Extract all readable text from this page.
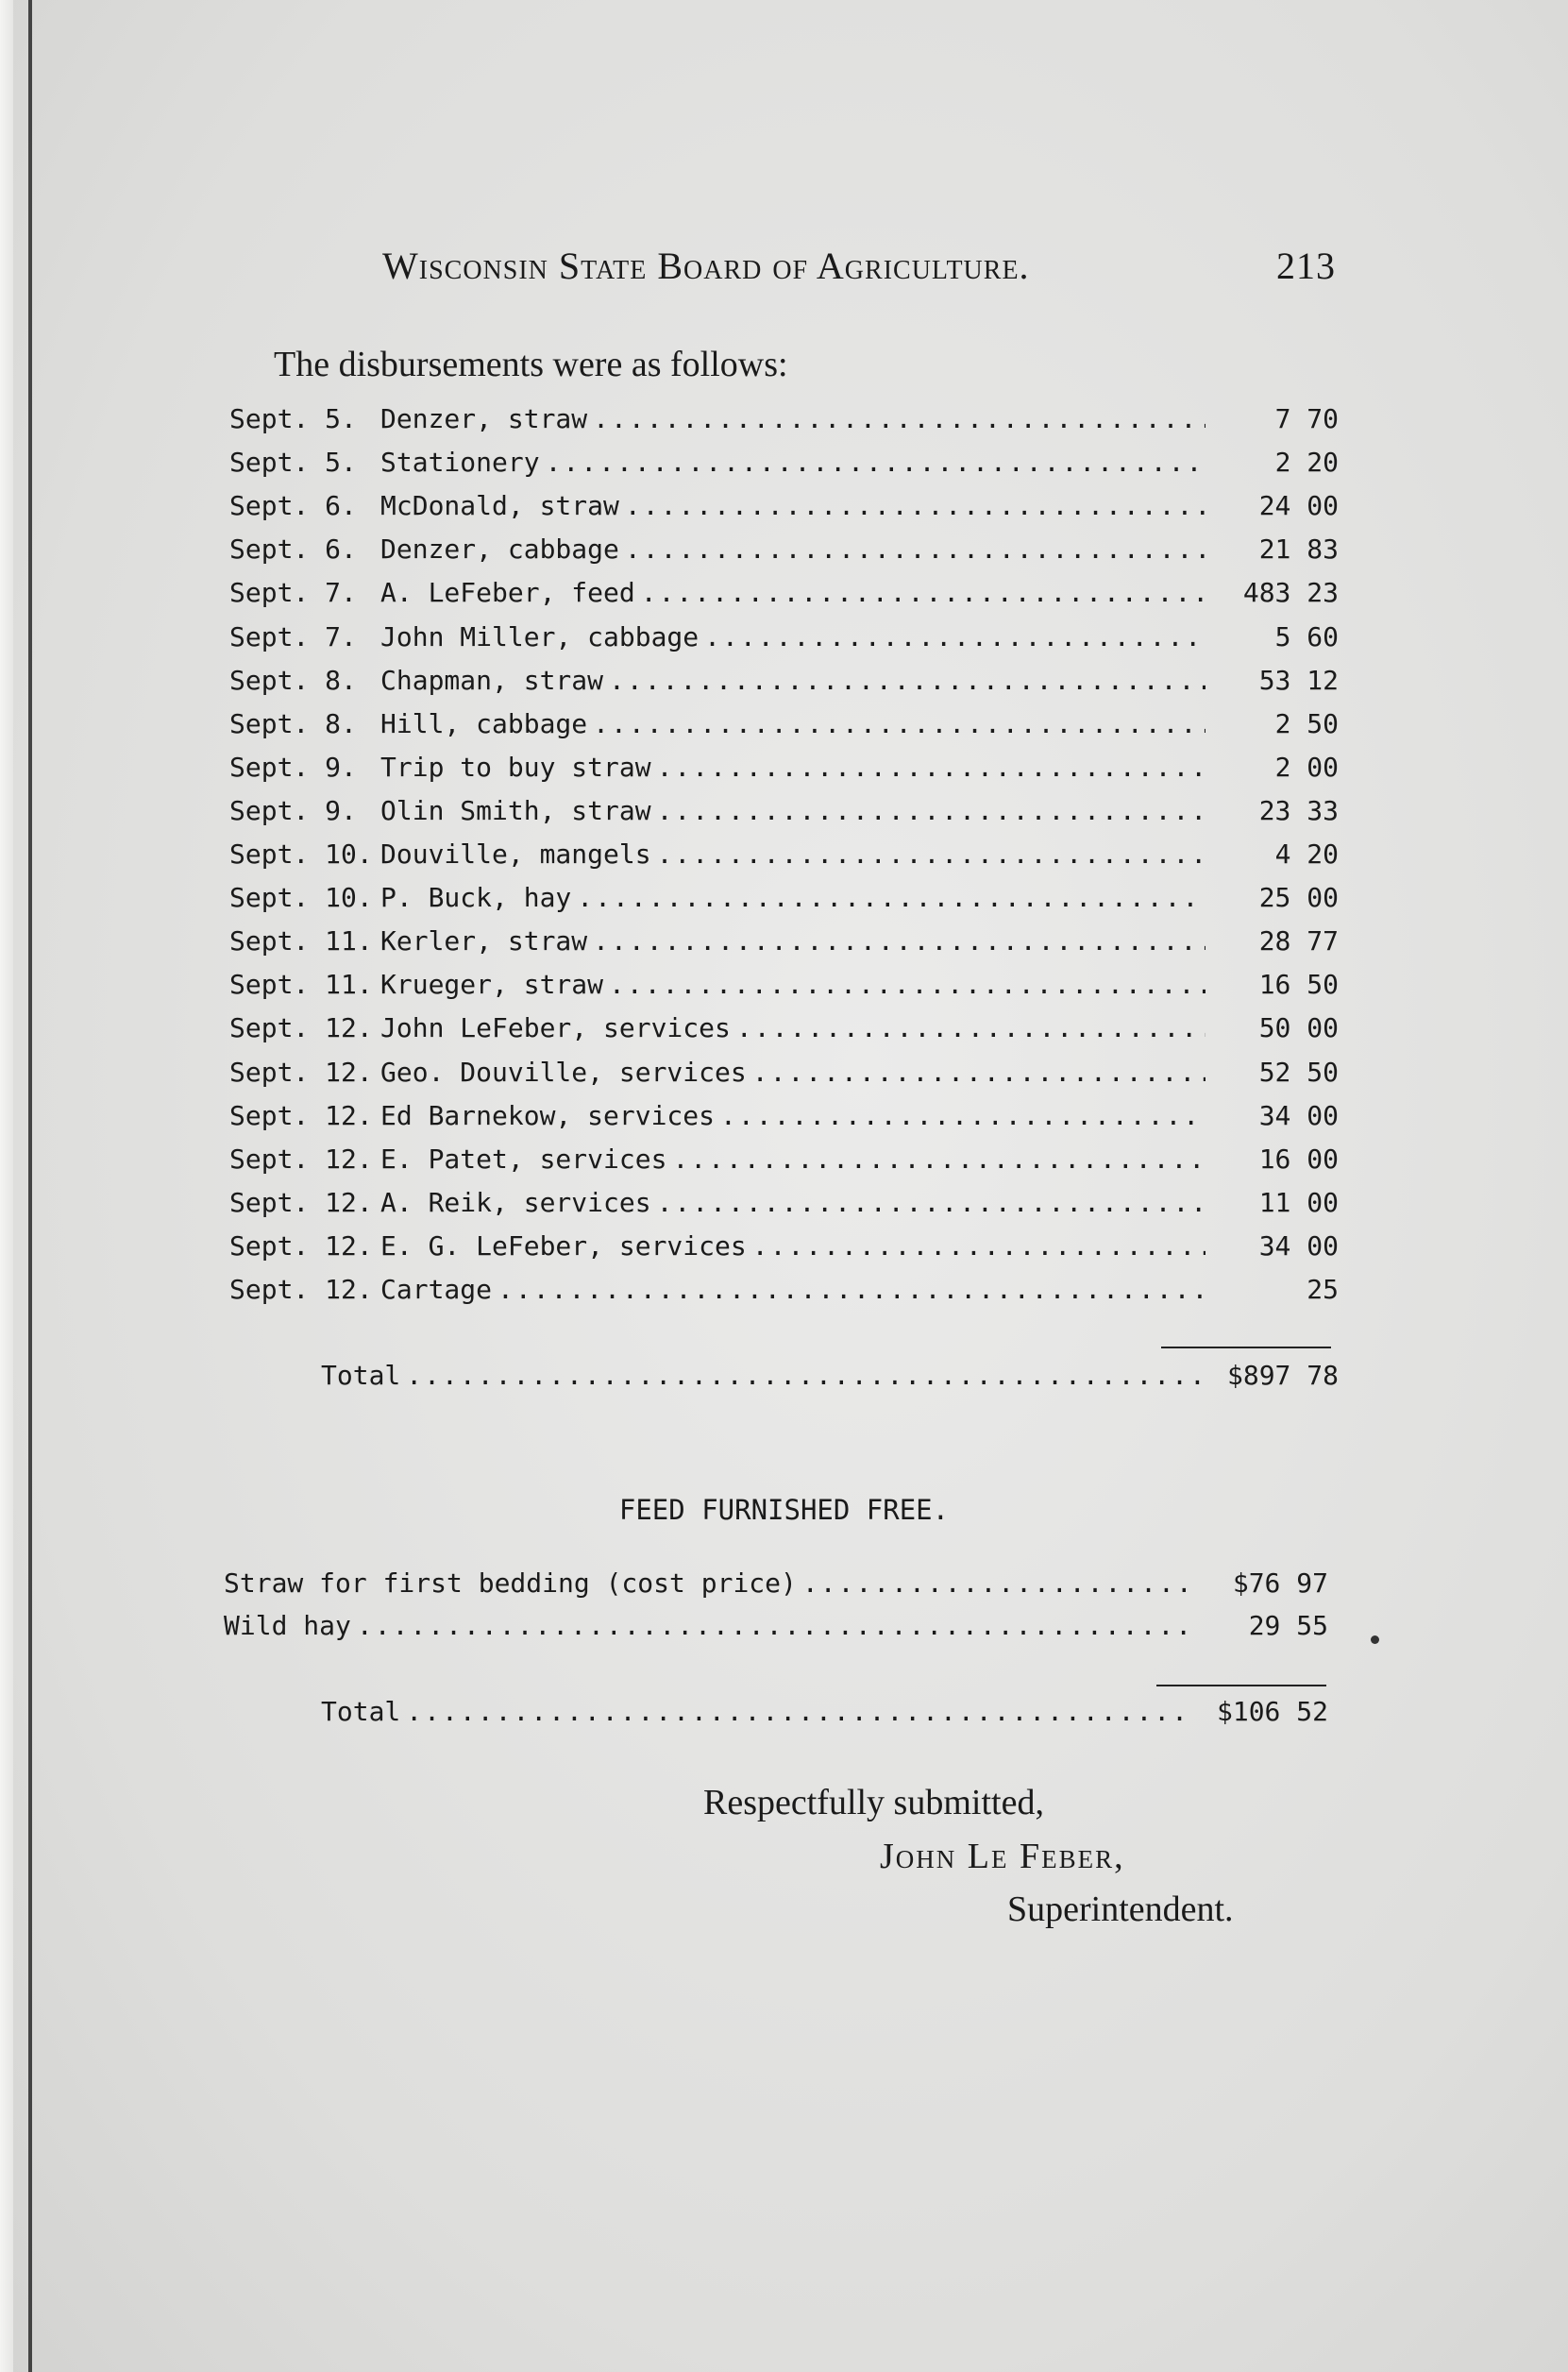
Wisconsin State Board of Agriculture.	213
The disbursements were as follows:
Sept. 5. Denzer, straw .....	7 70
Sept. 5. Stationery .....	2 20
Sept. 6. McDonald, straw .....	24 00
Sept. 6. Denzer, cabbage .....	21 83
Sept. 7. A. LeFeber, feed .....	483 23
Sept. 7. John Miller, cabbage .....	5 60
Sept. 8. Chapman, straw .....	53 12
Sept. 8. Hill, cabbage .....	2 50
Sept. 9. Trip to buy straw .....	2 00
Sept. 9. Olin Smith, straw .....	23 33
Sept. 10. Douville, mangels .....	4 20
Sept. 10. P. Buck, hay .....	25 00
Sept. 11. Kerler, straw .....	28 77
Sept. 11. Krueger, straw .....	16 50
Sept. 12. John LeFeber, services .....	50 00
Sept. 12. Geo. Douville, services .....	52 50
Sept. 12. Ed Barnekow, services .....	34 00
Sept. 12. E. Patet, services .....	16 00
Sept. 12. A. Reik, services .....	11 00
Sept. 12. E. G. LeFeber, services .....	34 00
Sept. 12. Cartage .....	25
Total .....	$897 78
FEED FURNISHED FREE.
Straw for first bedding (cost price) .....	$76 97
Wild hay .....	29 55
Total .....	$106 52
Respectfully submitted,
John Le Feber,
Superintendent.
